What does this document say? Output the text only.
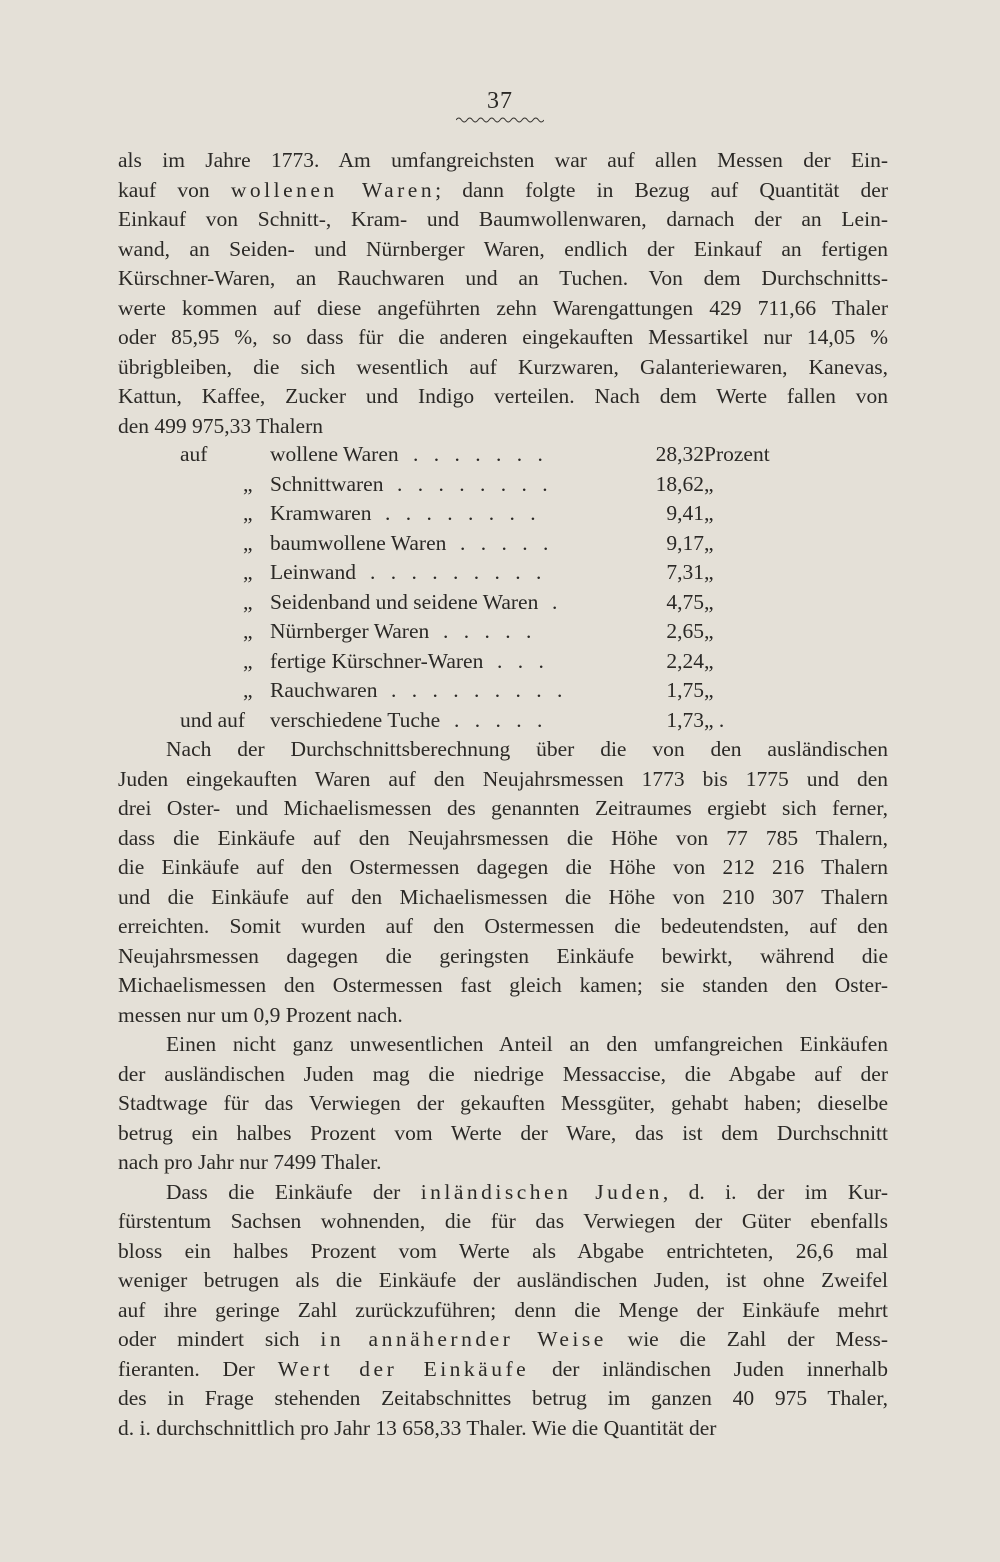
37
als im Jahre 1773. Am umfangreichsten war auf allen Messen der Ein-
kauf von wollenen Waren; dann folgte in Bezug auf Quantität der
Einkauf von Schnitt-, Kram- und Baumwollenwaren, darnach der an Lein-
wand, an Seiden- und Nürnberger Waren, endlich der Einkauf an fertigen
Kürschner-Waren, an Rauchwaren und an Tuchen. Von dem Durchschnitts-
werte kommen auf diese angeführten zehn Warengattungen 429 711,66 Thaler
oder 85,95 %, so dass für die anderen eingekauften Messartikel nur 14,05 %
übrigbleiben, die sich wesentlich auf Kurzwaren, Galanteriewaren, Kanevas,
Kattun, Kaffee, Zucker und Indigo verteilen. Nach dem Werte fallen von
den 499 975,33 Thalern
auf	wollene Waren . . . . . . .	28,32 Prozent
„ Schnittwaren . . . . . . . .	18,62 „
„ Kramwaren . . . . . . . .	9,41 „
„ baumwollene Waren . . . . .	9,17 „
„ Leinwand . . . . . . . . .	7,31 „
„ Seidenband und seidene Waren .	4,75 „
„ Nürnberger Waren . . . . .	2,65 „
„ fertige Kürschner-Waren . . .	2,24 „
„ Rauchwaren . . . . . . . . .	1,75 „
und auf	verschiedene Tuche . . . . .	1,73 „ .
Nach der Durchschnittsberechnung über die von den ausländischen
Juden eingekauften Waren auf den Neujahrsmessen 1773 bis 1775 und den
drei Oster- und Michaelismessen des genannten Zeitraumes ergiebt sich ferner,
dass die Einkäufe auf den Neujahrsmessen die Höhe von 77 785 Thalern,
die Einkäufe auf den Ostermessen dagegen die Höhe von 212 216 Thalern
und die Einkäufe auf den Michaelismessen die Höhe von 210 307 Thalern
erreichten. Somit wurden auf den Ostermessen die bedeutendsten, auf den
Neujahrsmessen dagegen die geringsten Einkäufe bewirkt, während die
Michaelismessen den Ostermessen fast gleich kamen; sie standen den Oster-
messen nur um 0,9 Prozent nach.
Einen nicht ganz unwesentlichen Anteil an den umfangreichen Einkäufen
der ausländischen Juden mag die niedrige Messaccise, die Abgabe auf der
Stadtwage für das Verwiegen der gekauften Messgüter, gehabt haben; dieselbe
betrug ein halbes Prozent vom Werte der Ware, das ist dem Durchschnitt
nach pro Jahr nur 7499 Thaler.
Dass die Einkäufe der inländischen Juden, d. i. der im Kur-
fürstentum Sachsen wohnenden, die für das Verwiegen der Güter ebenfalls
bloss ein halbes Prozent vom Werte als Abgabe entrichteten, 26,6 mal
weniger betrugen als die Einkäufe der ausländischen Juden, ist ohne Zweifel
auf ihre geringe Zahl zurückzuführen; denn die Menge der Einkäufe mehrt
oder mindert sich in annähernder Weise wie die Zahl der Mess-
fieranten. Der Wert der Einkäufe der inländischen Juden innerhalb
des in Frage stehenden Zeitabschnittes betrug im ganzen 40 975 Thaler,
d. i. durchschnittlich pro Jahr 13 658,33 Thaler. Wie die Quantität der
